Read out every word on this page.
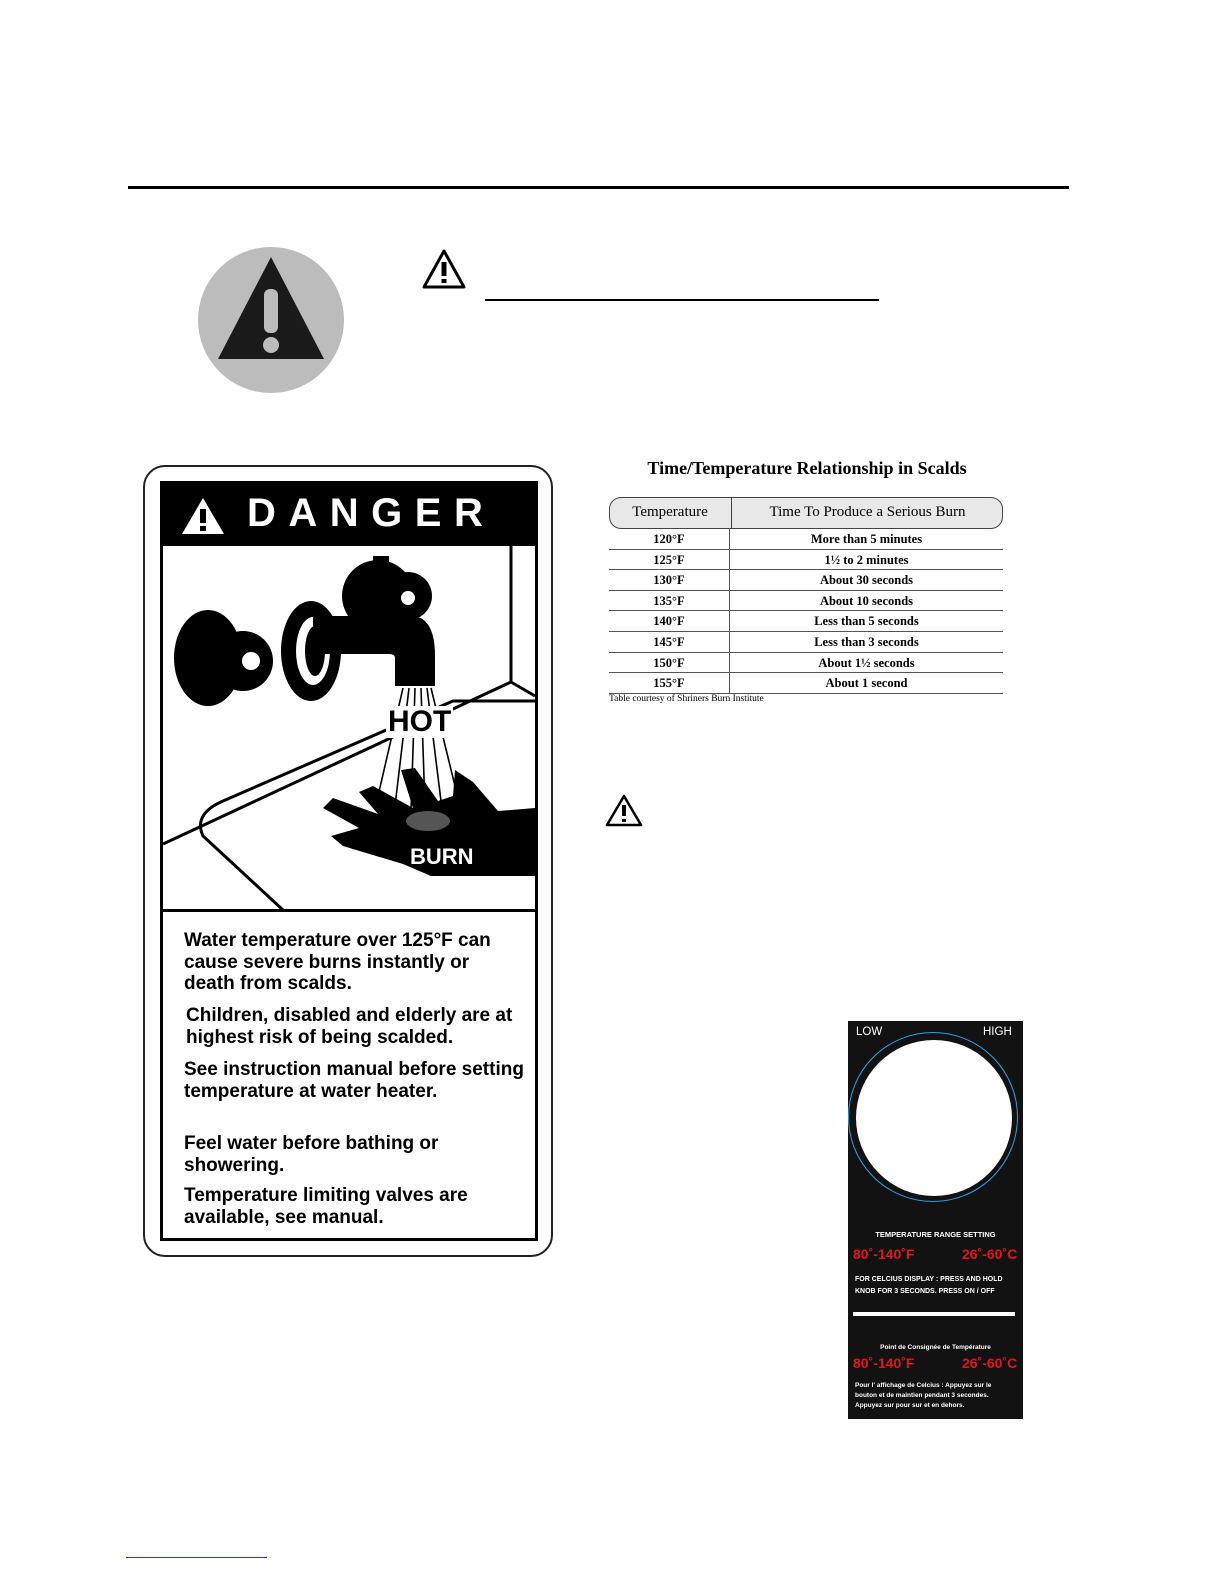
DANGER
HOT
BURN

Water temperature over 125°F can cause severe burns instantly or death from scalds.

Children, disabled and elderly are at highest risk of being scalded.

See instruction manual before setting temperature at water heater.

Feel water before bathing or showering.

Temperature limiting valves are available, see manual.

Time/Temperature Relationship in Scalds
Temperature	Time To Produce a Serious Burn
120°F	More than 5 minutes
125°F	1½ to 2 minutes
130°F	About 30 seconds
135°F	About 10 seconds
140°F	Less than 5 seconds
145°F	Less than 3 seconds
150°F	About 1½ seconds
155°F	About 1 second
Table courtesy of Shriners Burn Institute
LOW	HIGH
TEMPERATURE RANGE SETTING
80˚-140˚F	26˚-60˚C

FOR CELCIUS DISPLAY : PRESS AND HOLD KNOB FOR 3 SECONDS. PRESS ON / OFF

Point de Consignée de Température
80˚-140˚F	26˚-60˚C

Pour l' affichage de Celcius : Appuyez sur le bouton et de maintien pendant 3 secondes. Appuyez sur pour sur et en dehors.
